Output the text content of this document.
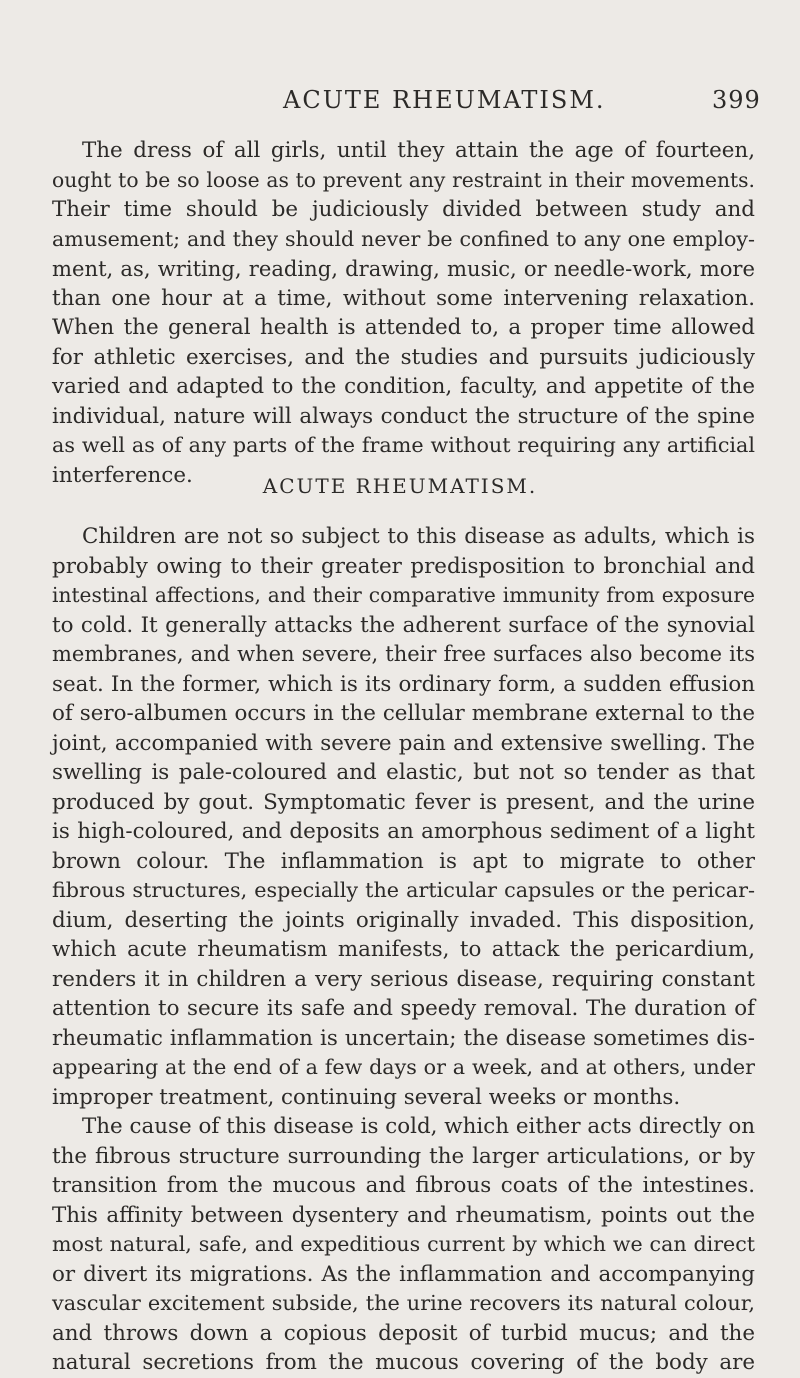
ACUTE RHEUMATISM.	399
The dress of all girls, until they attain the age of fourteen,
ought to be so loose as to prevent any restraint in their movements.
Their time should be judiciously divided between study and
amusement; and they should never be confined to any one employ-
ment, as, writing, reading, drawing, music, or needle-work, more
than one hour at a time, without some intervening relaxation.
When the general health is attended to, a proper time allowed
for athletic exercises, and the studies and pursuits judiciously
varied and adapted to the condition, faculty, and appetite of the
individual, nature will always conduct the structure of the spine
as well as of any parts of the frame without requiring any artificial
interference.	ACUTE RHEUMATISM.
Children are not so subject to this disease as adults, which is
probably owing to their greater predisposition to bronchial and
intestinal affections, and their comparative immunity from exposure
to cold. It generally attacks the adherent surface of the synovial
membranes, and when severe, their free surfaces also become its
seat. In the former, which is its ordinary form, a sudden effusion
of sero-albumen occurs in the cellular membrane external to the
joint, accompanied with severe pain and extensive swelling. The
swelling is pale-coloured and elastic, but not so tender as that
produced by gout. Symptomatic fever is present, and the urine
is high-coloured, and deposits an amorphous sediment of a light
brown colour. The inflammation is apt to migrate to other
fibrous structures, especially the articular capsules or the pericar-
dium, deserting the joints originally invaded. This disposition,
which acute rheumatism manifests, to attack the pericardium,
renders it in children a very serious disease, requiring constant
attention to secure its safe and speedy removal. The duration of
rheumatic inflammation is uncertain; the disease sometimes dis-
appearing at the end of a few days or a week, and at others, under
improper treatment, continuing several weeks or months.
The cause of this disease is cold, which either acts directly on
the fibrous structure surrounding the larger articulations, or by
transition from the mucous and fibrous coats of the intestines.
This affinity between dysentery and rheumatism, points out the
most natural, safe, and expeditious current by which we can direct
or divert its migrations. As the inflammation and accompanying
vascular excitement subside, the urine recovers its natural colour,
and throws down a copious deposit of turbid mucus; and the
natural secretions from the mucous covering of the body are
